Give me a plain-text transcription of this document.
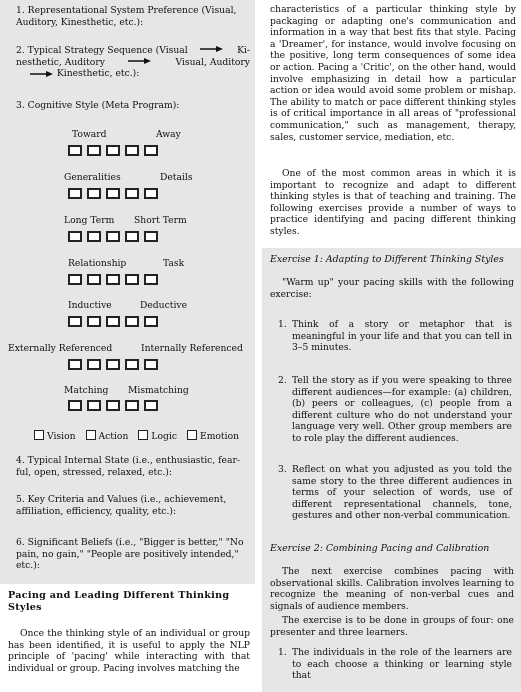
1. Representational System Preference (Visual, Auditory, Kinesthetic, etc.):
2. Typical Strategy Sequence (Visual	Ki-
nesthetic, Auditory	Visual, Auditory
Kinesthetic, etc.):
3. Cognitive Style (Meta Program):
Toward	Away
Generalities	Details
Long Term Short Term
Relationship	Task
Inductive	Deductive
Externally Referenced	Internally Referenced
Matching Mismatching
Vision	Action	Logic	Emotion
4. Typical Internal State (i.e., enthusiastic, fear-ful, open, stressed, relaxed, etc.):
5. Key Criteria and Values (i.e., achievement, affiliation, efficiency, quality, etc.):
6. Significant Beliefs (i.e., "Bigger is better," "No pain, no gain," "People are positively intended," etc.):
Pacing and Leading Different Thinking Styles
Once the thinking style of an individual or group has been identified, it is useful to apply the NLP principle of 'pacing' while interacting with that individual or group. Pacing involves matching the
characteristics of a particular thinking style by packaging or adapting one's communication and information in a way that best fits that style. Pacing a 'Dreamer', for instance, would involve focusing on the positive, long term consequences of some idea or action. Pacing a 'Critic', on the other hand, would involve emphasizing in detail how a particular action or idea would avoid some problem or mishap. The ability to match or pace different thinking styles is of critical importance in all areas of "professional communication," such as management, therapy, sales, customer service, mediation, etc.
One of the most common areas in which it is important to recognize and adapt to different thinking styles is that of teaching and training. The following exercises provide a number of ways to practice identifying and pacing different thinking styles.
Exercise 1: Adapting to Different Thinking Styles
"Warm up" your pacing skills with the following exercise:
1. Think of a story or metaphor that is meaningful in your life and that you can tell in 3–5 minutes.
2. Tell the story as if you were speaking to three different audiences—for example: (a) children, (b) peers or colleagues, (c) people from a different culture who do not understand your language very well. Other group members are to role play the different audiences.
3. Reflect on what you adjusted as you told the same story to the three different audiences in terms of your selection of words, use of different representational channels, tone, gestures and other non-verbal communication.
Exercise 2: Combining Pacing and Calibration
The next exercise combines pacing with observational skills. Calibration involves learning to recognize the meaning of non-verbal cues and signals of audience members.
The exercise is to be done in groups of four: one presenter and three learners.
1. The individuals in the role of the learners are to each choose a thinking or learning style that
